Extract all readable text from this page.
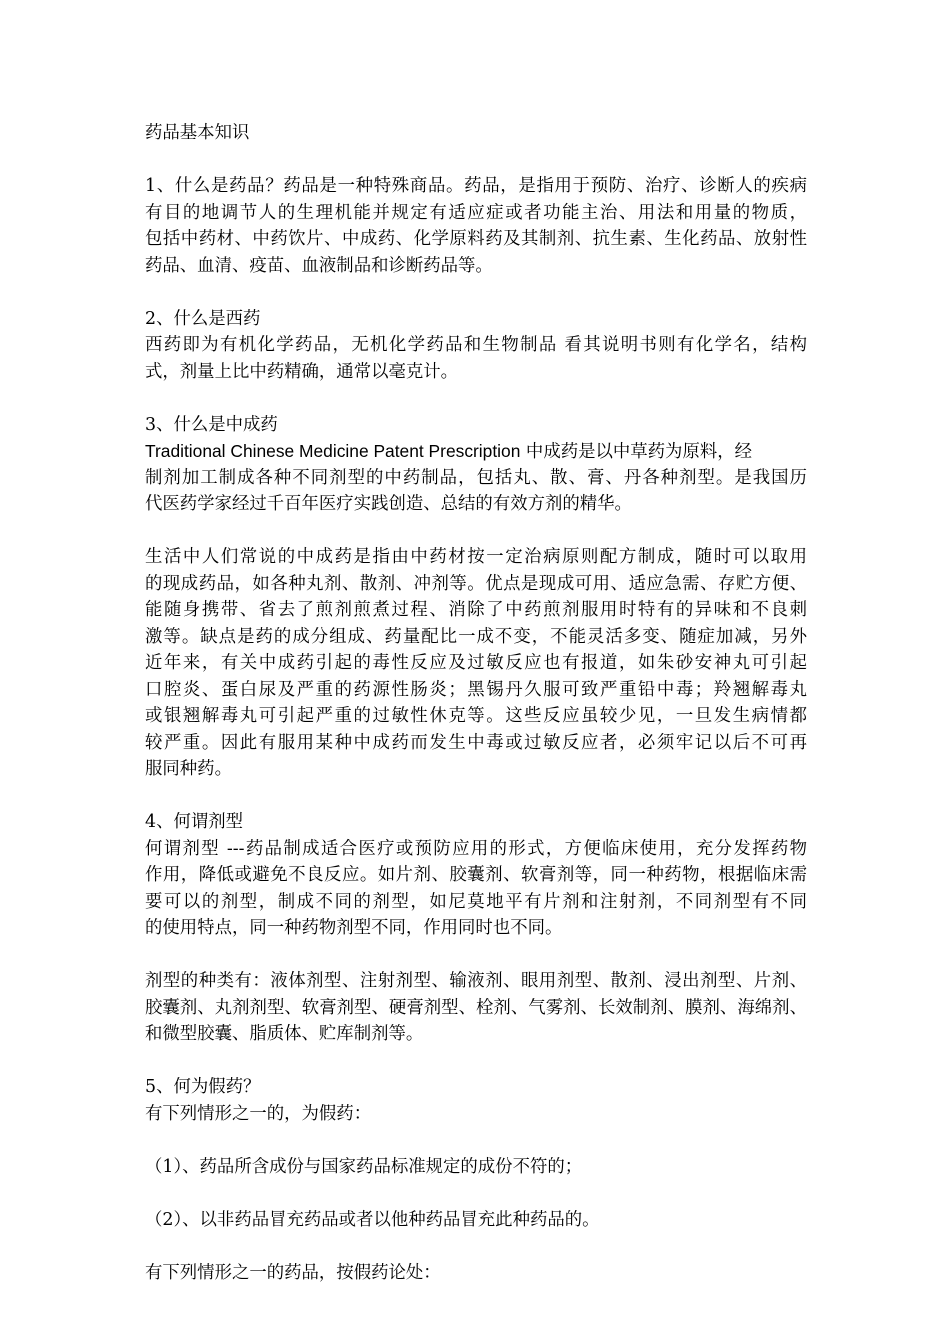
药品基本知识
1、什么是药品？药品是一种特殊商品。药品，是指用于预防、治疗、诊断人的疾病
有目的地调节人的生理机能并规定有适应症或者功能主治、用法和用量的物质，
包括中药材、中药饮片、中成药、化学原料药及其制剂、抗生素、生化药品、放射性
药品、血清、疫苗、血液制品和诊断药品等。
2、什么是西药
西药即为有机化学药品，无机化学药品和生物制品 看其说明书则有化学名，结构
式，剂量上比中药精确，通常以毫克计。
3、什么是中成药
Traditional Chinese Medicine Patent Prescription 中成药是以中草药为原料，经
制剂加工制成各种不同剂型的中药制品，包括丸、散、膏、丹各种剂型。是我国历
代医药学家经过千百年医疗实践创造、总结的有效方剂的精华。
生活中人们常说的中成药是指由中药材按一定治病原则配方制成，随时可以取用
的现成药品，如各种丸剂、散剂、冲剂等。优点是现成可用、适应急需、存贮方便、
能随身携带、省去了煎剂煎煮过程、消除了中药煎剂服用时特有的异味和不良刺
激等。缺点是药的成分组成、药量配比一成不变，不能灵活多变、随症加减，另外
近年来，有关中成药引起的毒性反应及过敏反应也有报道，如朱砂安神丸可引起
口腔炎、蛋白尿及严重的药源性肠炎；黑锡丹久服可致严重铅中毒；羚翘解毒丸
或银翘解毒丸可引起严重的过敏性休克等。这些反应虽较少见，一旦发生病情都
较严重。因此有服用某种中成药而发生中毒或过敏反应者，必须牢记以后不可再
服同种药。
4、何谓剂型
何谓剂型 ---药品制成适合医疗或预防应用的形式，方便临床使用，充分发挥药物
作用，降低或避免不良反应。如片剂、胶囊剂、软膏剂等，同一种药物，根据临床需
要可以的剂型，制成不同的剂型，如尼莫地平有片剂和注射剂，不同剂型有不同
的使用特点，同一种药物剂型不同，作用同时也不同。
剂型的种类有：液体剂型、注射剂型、输液剂、眼用剂型、散剂、浸出剂型、片剂、
胶囊剂、丸剂剂型、软膏剂型、硬膏剂型、栓剂、气雾剂、长效制剂、膜剂、海绵剂、
和微型胶囊、脂质体、贮库制剂等。
5、何为假药？
有下列情形之一的，为假药：
（1）、药品所含成份与国家药品标准规定的成份不符的；
（2）、以非药品冒充药品或者以他种药品冒充此种药品的。
有下列情形之一的药品，按假药论处：
